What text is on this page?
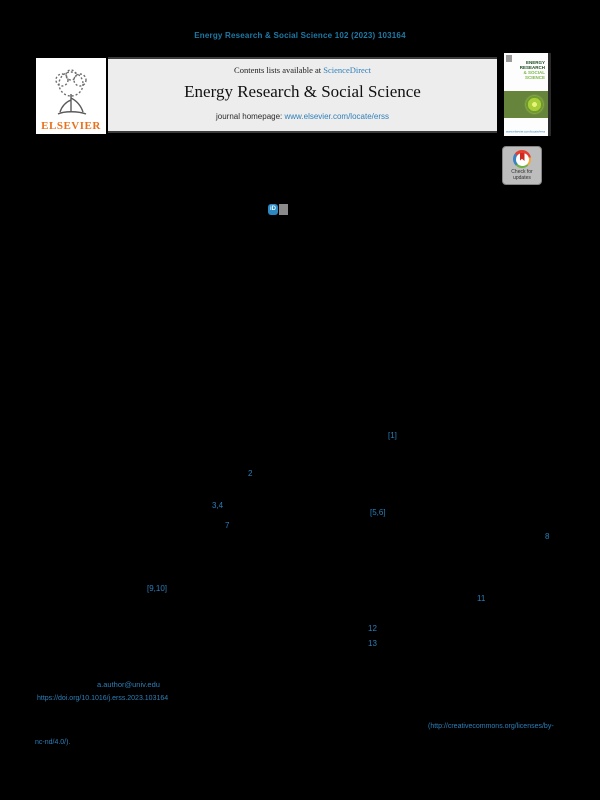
Energy Research & Social Science 102 (2023) 103164
ELSEVIER
Contents lists available at ScienceDirect
Energy Research & Social Science
journal homepage: www.elsevier.com/locate/erss
ENERGY
RESEARCH
& SOCIAL
SCIENCE
www.elsevier.com/locate/erss
Check for
updates
iD
[1]
2
3,4
[5,6]
7
8
[9,10]
11
12
13
a.author@univ.edu
https://doi.org/10.1016/j.erss.2023.103164
(http://creativecommons.org/licenses/by-
nc-nd/4.0/).
